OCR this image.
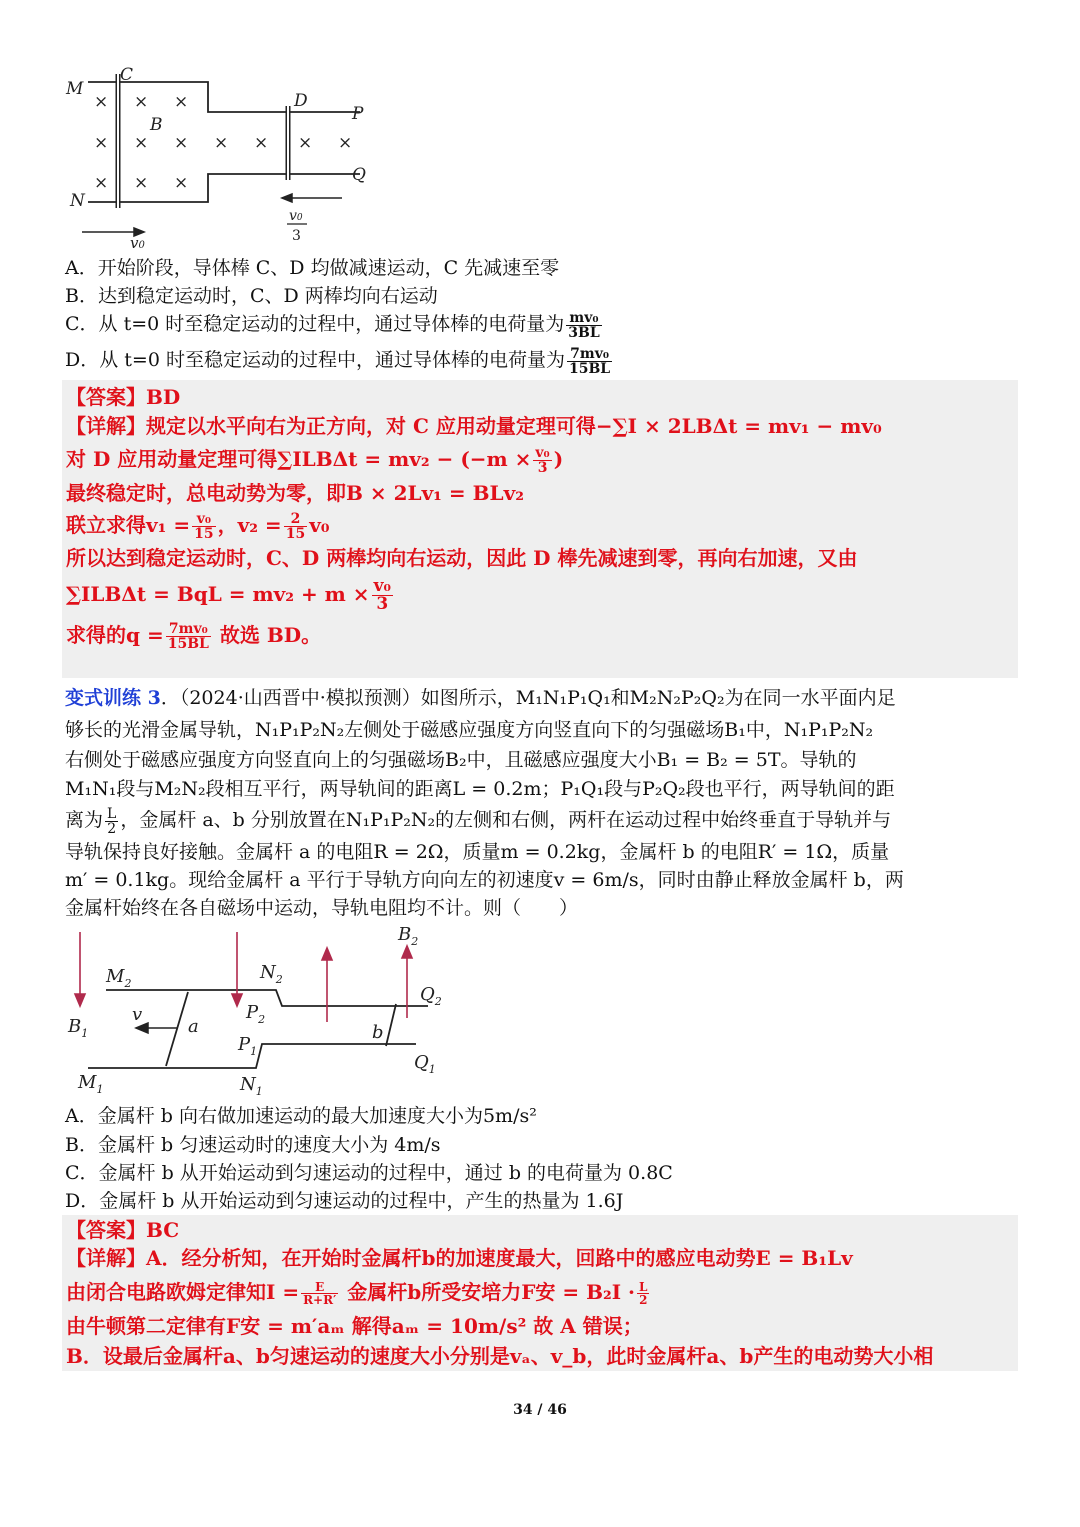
× × ×
× × × × × × ×
× × ×
M
N
C
B
D
P
Q
v0
v0
3
A．开始阶段，导体棒 C、D 均做减速运动，C 先减速至零
B．达到稳定运动时，C、D 两棒均向右运动
C．从 t=0 时至稳定运动的过程中，通过导体棒的电荷量为 $\frac{\text{mv₀}}{3BL}$
D．从 t=0 时至稳定运动的过程中，通过导体棒的电荷量为 $\frac{\text{7mv₀}}{15BL}$
【答案】BD
【详解】规定以水平向右为正方向，对 C 应用动量定理可得−∑I × 2LBΔt = mv₁ − mv₀
对 D 应用动量定理可得$\sum ILB\Delta t = mv_2 - (-m \times \frac{\text{v₀}}{3}$ )
最终稳定时，总电动势为零，即B × 2Lv₁ = BLv₂
联立求得$v_1 = \frac{\text{v₀}}{15}$ ，$v_2 = \frac{2}{15} v_0$
所以达到稳定运动时，C、D 两棒均向右运动，因此 D 棒先减速到零，再向右加速，又由
∑ILBΔt = BqL = $mv_2 + m \times \frac{\text{v₀}}{3}$
求得的$q = \frac{\text{7mv₀}}{15BL}$ 故选 BD。
变式训练 3．（2024·山西晋中·模拟预测）如图所示，M₁N₁P₁Q₁和M₂N₂P₂Q₂为在同一水平面内足
够长的光滑金属导轨，N₁P₁P₂N₂左侧处于磁感应强度方向竖直向下的匀强磁场B₁中，N₁P₁P₂N₂
右侧处于磁感应强度方向竖直向上的匀强磁场B₂中，且磁感应强度大小B₁ = B₂ = 5T。导轨的
M₁N₁段与M₂N₂段相互平行，两导轨间的距离L = 0.2m；P₁Q₁段与P₂Q₂段也平行，两导轨间的距
离为 $\frac{L}{2}$ ，金属杆 a、b 分别放置在N₁P₁P₂N₂的左侧和右侧，两杆在运动过程中始终垂直于导轨并与
导轨保持良好接触。金属杆 a 的电阻R = 2Ω，质量m = 0.2kg，金属杆 b 的电阻R′ = 1Ω，质量
m′ = 0.1kg。现给金属杆 a 平行于导轨方向向左的初速度v = 6m/s，同时由静止释放金属杆 b，两
金属杆始终在各自磁场中运动，导轨电阻均不计。则（　　）
$B_1$
$B_2$
$M_2$
$N_2$
$P_2$
$Q_2$
$M_1$	$N_1$
$P_1$
$Q_1$
v
a	b
A．金属杆 b 向右做加速运动的最大加速度大小为5m/s²
B．金属杆 b 匀速运动时的速度大小为 4m/s
C．金属杆 b 从开始运动到匀速运动的过程中，通过 b 的电荷量为 0.8C
D．金属杆 b 从开始运动到匀速运动的过程中，产生的热量为 1.6J
【答案】BC
【详解】A．经分析知，在开始时金属杆b的加速度最大，回路中的感应电动势E = B₁Lv
由闭合电路欧姆定律知$I = \frac{E}{R+R'}$ 金属杆b所受安培力F安 = $B_2I \cdot \frac{L}{2}$
由牛顿第二定律有F安 = m′aₘ 解得aₘ = 10m/s² 故 A 错误；
B．设最后金属杆a、b匀速运动的速度大小分别是vₐ、v_b，此时金属杆a、b产生的电动势大小相
34 / 46
